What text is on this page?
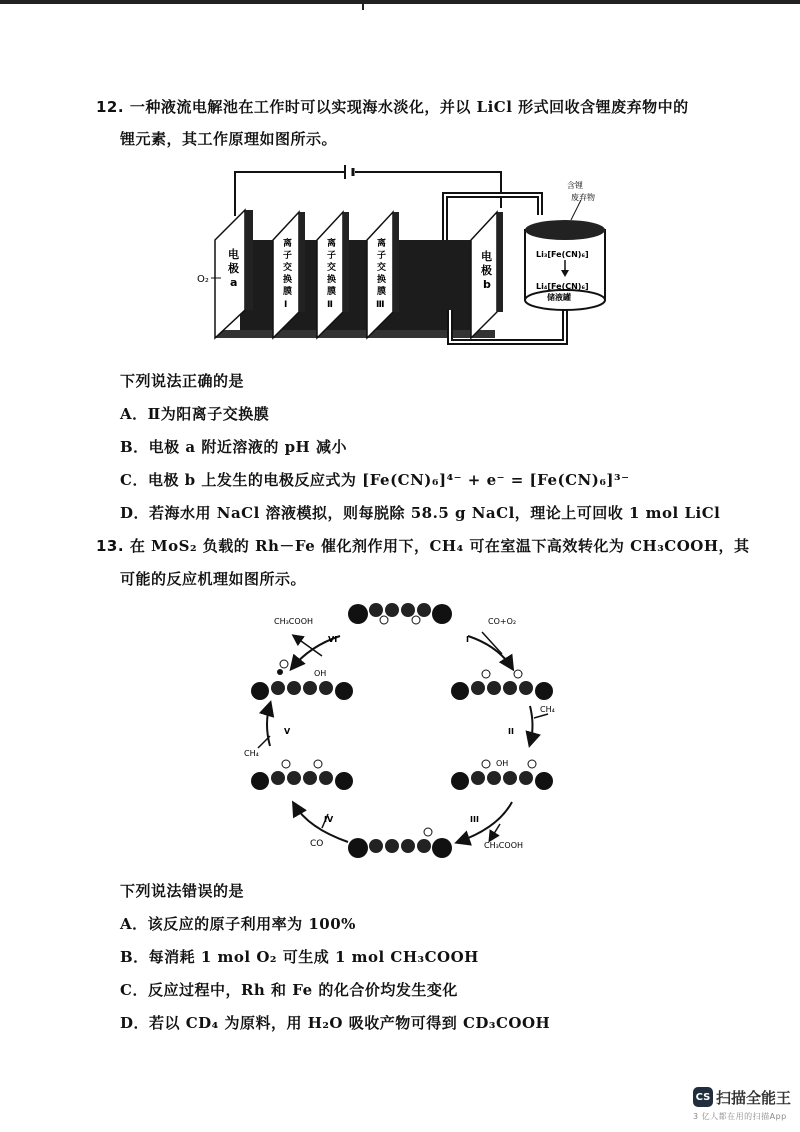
12. 一种液流电解池在工作时可以实现海水淡化，并以 LiCl 形式回收含锂废弃物中的
锂元素，其工作原理如图所示。
电
极
a
O₂
离
子
交
换
膜
Ⅰ
离
子
交
换
膜
Ⅱ
离
子
交
换
膜
Ⅲ
电
极
b
含锂
废弃物
Li₃[Fe(CN)₆]
Li₄[Fe(CN)₆]
储液罐
下列说法正确的是
A．Ⅱ为阳离子交换膜
B．电极 a 附近溶液的 pH 减小
C．电极 b 上发生的电极反应式为 [Fe(CN)₆]⁴⁻ + e⁻ = [Fe(CN)₆]³⁻
D．若海水用 NaCl 溶液模拟，则每脱除 58.5 g NaCl，理论上可回收 1 mol LiCl
13. 在 MoS₂ 负载的 Rh－Fe 催化剂作用下，CH₄ 可在室温下高效转化为 CH₃COOH，其
可能的反应机理如图所示。
CH₃COOH	CO+O₂
CH₄
CH₃COOH
CO
CH₄
OH
OH
I
II
III
IV
V
VI
下列说法错误的是
A．该反应的原子利用率为 100%
B．每消耗 1 mol O₂ 可生成 1 mol CH₃COOH
C．反应过程中，Rh 和 Fe 的化合价均发生变化
D．若以 CD₄ 为原料，用 H₂O 吸收产物可得到 CD₃COOH
CS 扫描全能王
3 亿人都在用的扫描App
